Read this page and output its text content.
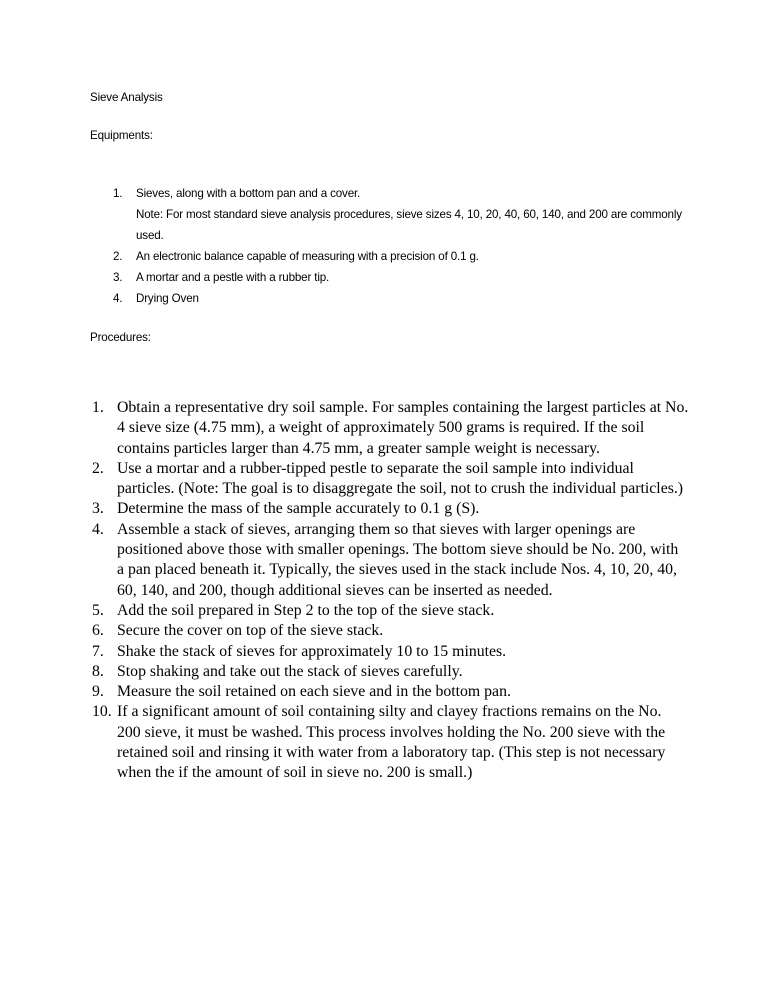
Sieve Analysis
Equipments:
1. Sieves, along with a bottom pan and a cover.
Note: For most standard sieve analysis procedures, sieve sizes 4, 10, 20, 40, 60, 140, and 200 are commonly used.
2. An electronic balance capable of measuring with a precision of 0.1 g.
3. A mortar and a pestle with a rubber tip.
4. Drying Oven
Procedures:
1. Obtain a representative dry soil sample. For samples containing the largest particles at No. 4 sieve size (4.75 mm), a weight of approximately 500 grams is required. If the soil contains particles larger than 4.75 mm, a greater sample weight is necessary.
2. Use a mortar and a rubber-tipped pestle to separate the soil sample into individual particles. (Note: The goal is to disaggregate the soil, not to crush the individual particles.)
3. Determine the mass of the sample accurately to 0.1 g (S).
4. Assemble a stack of sieves, arranging them so that sieves with larger openings are positioned above those with smaller openings. The bottom sieve should be No. 200, with a pan placed beneath it. Typically, the sieves used in the stack include Nos. 4, 10, 20, 40, 60, 140, and 200, though additional sieves can be inserted as needed.
5. Add the soil prepared in Step 2 to the top of the sieve stack.
6. Secure the cover on top of the sieve stack.
7. Shake the stack of sieves for approximately 10 to 15 minutes.
8. Stop shaking and take out the stack of sieves carefully.
9. Measure the soil retained on each sieve and in the bottom pan.
10. If a significant amount of soil containing silty and clayey fractions remains on the No. 200 sieve, it must be washed. This process involves holding the No. 200 sieve with the retained soil and rinsing it with water from a laboratory tap. (This step is not necessary when the if the amount of soil in sieve no. 200 is small.)
